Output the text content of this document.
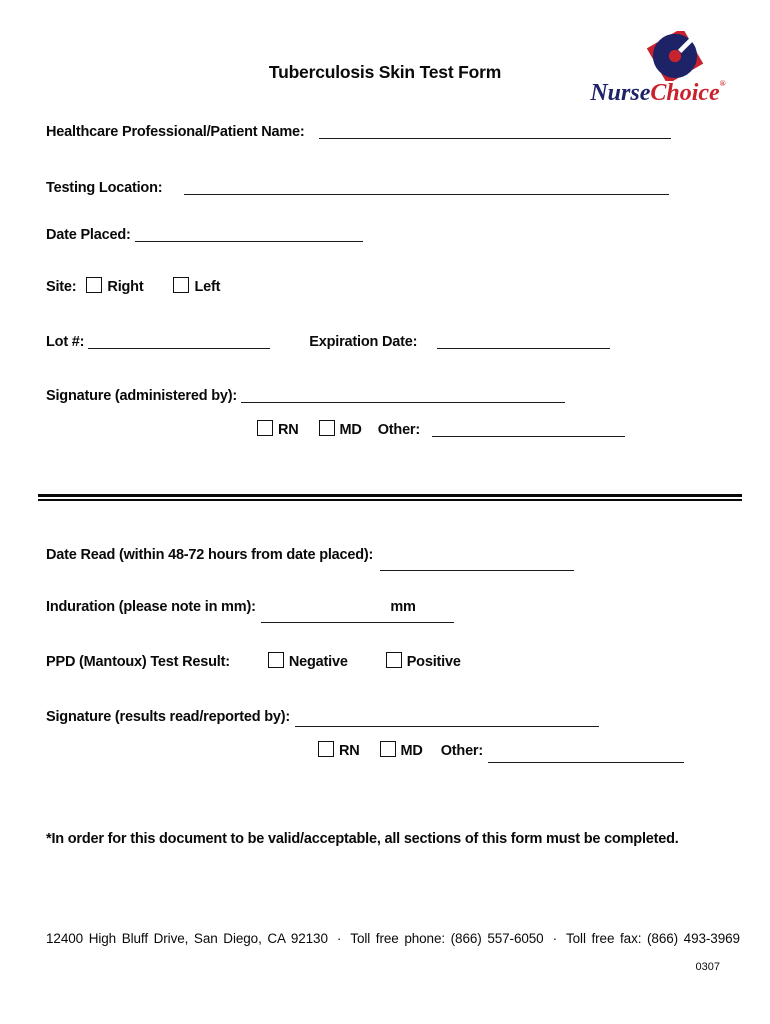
Tuberculosis Skin Test Form
NurseChoice®
Healthcare Professional/Patient Name:
Testing Location:
Date Placed:
Site: Right	Left
Lot #:	Expiration Date:
Signature (administered by):
RN	MD Other:
Date Read (within 48-72 hours from date placed):
Induration (please note in mm):	mm
PPD (Mantoux) Test Result:	Negative	Positive
Signature (results read/reported by):
RN	MD Other:
*In order for this document to be valid/acceptable, all sections of this form must be completed.
12400 High Bluff Drive, San Diego, CA 92130 · Toll free phone: (866) 557-6050 · Toll free fax: (866) 493-3969
0307
